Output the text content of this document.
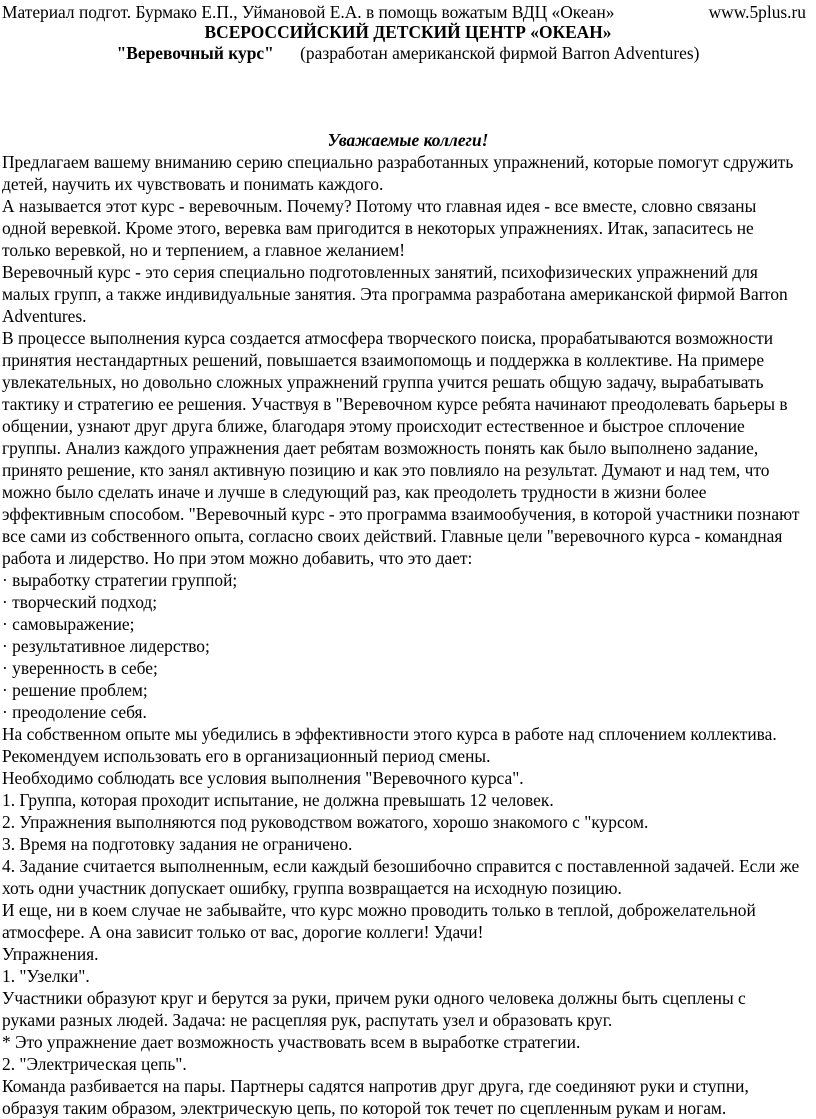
Материал подгот. Бурмако Е.П., Уймановой Е.А. в помощь вожатым ВДЦ «Океан»	www.5plus.ru
ВСЕРОССИЙСКИЙ ДЕТСКИЙ ЦЕНТР «ОКЕАН»
"Веревочный курс" (разработан американской фирмой Barron Adventures)
Уважаемые коллеги!

Предлагаем вашему вниманию серию специально разработанных упражнений, которые помогут сдружить детей, научить их чувствовать и понимать каждого.

А называется этот курс - веревочным. Почему? Потому что главная идея - все вместе, словно связаны одной веревкой. Кроме этого, веревка вам пригодится в некоторых упражнениях. Итак, запаситесь не только веревкой, но и терпением, а главное желанием!

Веревочный курс - это серия специально подготовленных занятий, психофизических упражнений для малых групп, а также индивидуальные занятия. Эта программа разработана американской фирмой Barron Adventures.

В процессе выполнения курса создается атмосфера творческого поиска, прорабатываются возможности принятия нестандартных решений, повышается взаимопомощь и поддержка в коллективе. На примере увлекательных, но довольно сложных упражнений группа учится решать общую задачу, вырабатывать тактику и стратегию ее решения. Участвуя в "Веревочном курсе ребята начинают преодолевать барьеры в общении, узнают друг друга ближе, благодаря этому происходит естественное и быстрое сплочение группы. Анализ каждого упражнения дает ребятам возможность понять как было выполнено задание, принято решение, кто занял активную позицию и как это повлияло на результат. Думают и над тем, что можно было сделать иначе и лучше в следующий раз, как преодолеть трудности в жизни более эффективным способом. "Веревочный курс - это программа взаимообучения, в которой участники познают все сами из собственного опыта, согласно своих действий. Главные цели "веревочного курса - командная работа и лидерство. Но при этом можно добавить, что это дает:

· выработку стратегии группой;

· творческий подход;

· самовыражение;

· результативное лидерство;

· уверенность в себе;

· решение проблем;

· преодоление себя.

На собственном опыте мы убедились в эффективности этого курса в работе над сплочением коллектива. Рекомендуем использовать его в организационный период смены.

Необходимо соблюдать все условия выполнения "Веревочного курса".

1. Группа, которая проходит испытание, не должна превышать 12 человек.

2. Упражнения выполняются под руководством вожатого, хорошо знакомого с "курсом.

3. Время на подготовку задания не ограничено.

4. Задание считается выполненным, если каждый безошибочно справится с поставленной задачей. Если же хоть одни участник допускает ошибку, группа возвращается на исходную позицию.

И еще, ни в коем случае не забывайте, что курс можно проводить только в теплой, доброжелательной атмосфере. А она зависит только от вас, дорогие коллеги! Удачи!

Упражнения.

1. "Узелки".

Участники образуют круг и берутся за руки, причем руки одного человека должны быть сцеплены с руками разных людей. Задача: не расцепляя рук, распутать узел и образовать круг.

* Это упражнение дает возможность участвовать всем в выработке стратегии.

2. "Электрическая цепь".

Команда разбивается на пары. Партнеры садятся напротив друг друга, где соединяют руки и ступни, образуя таким образом, электрическую цепь, по которой ток течет по сцепленным рукам и ногам.
